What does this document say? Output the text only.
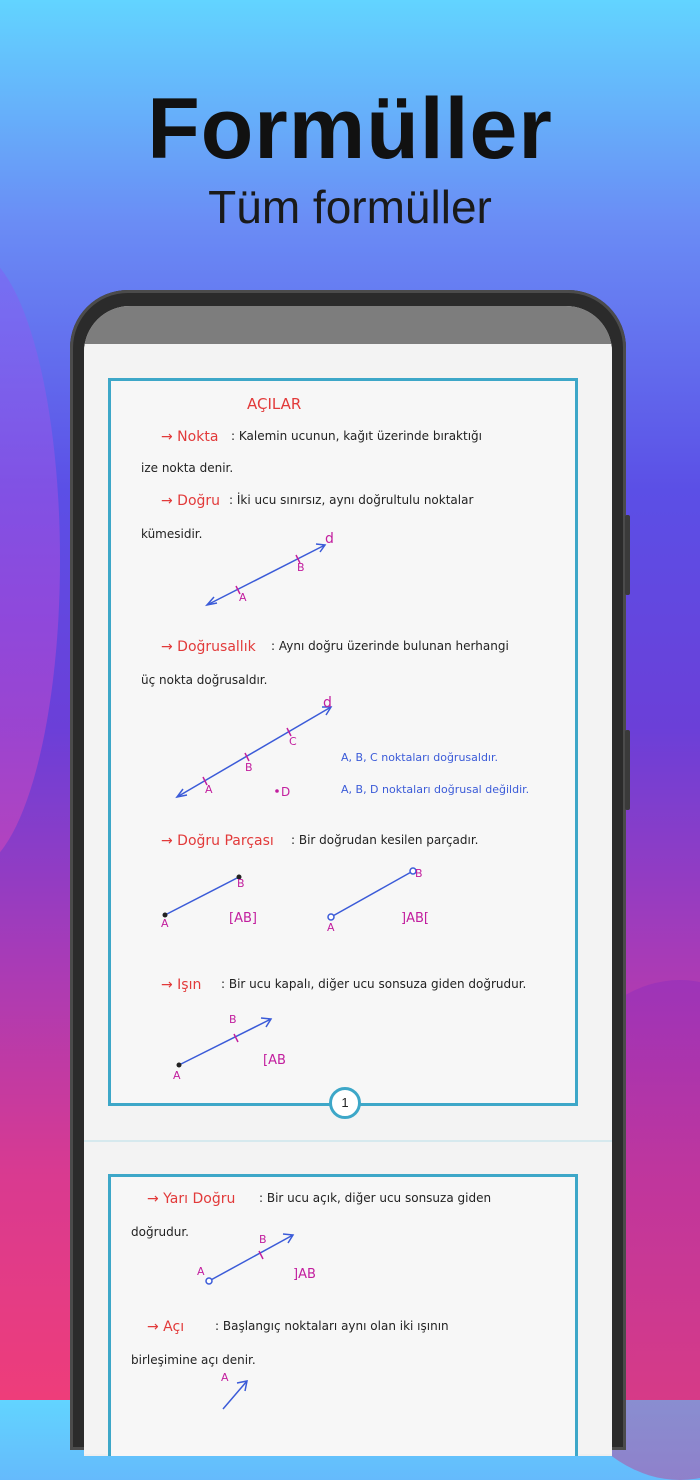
Formüller
Tüm formüller
AÇILAR
→ Nokta : Kalemin ucunun, kağıt üzerinde bıraktığı
ize nokta denir.
→ Doğru : İki ucu sınırsız, aynı doğrultulu noktalar
kümesidir.	d
B
A
→ Doğrusallık : Aynı doğru üzerinde bulunan herhangi
üç nokta doğrusaldır.
d
C
B
A	D
A, B, C noktaları doğrusaldır.
A, B, D noktaları doğrusal değildir.
→ Doğru Parçası : Bir doğrudan kesilen parçadır.
B
A	[AB]
B
A
]AB[
→ Işın : Bir ucu kapalı, diğer ucu sonsuza giden doğrudur.
B
A
[AB
1
→ Yarı Doğru : Bir ucu açık, diğer ucu sonsuza giden
doğrudur.
B
A	]AB
→ Açı	: Başlangıç noktaları aynı olan iki ışının
birleşimine açı denir.
A
